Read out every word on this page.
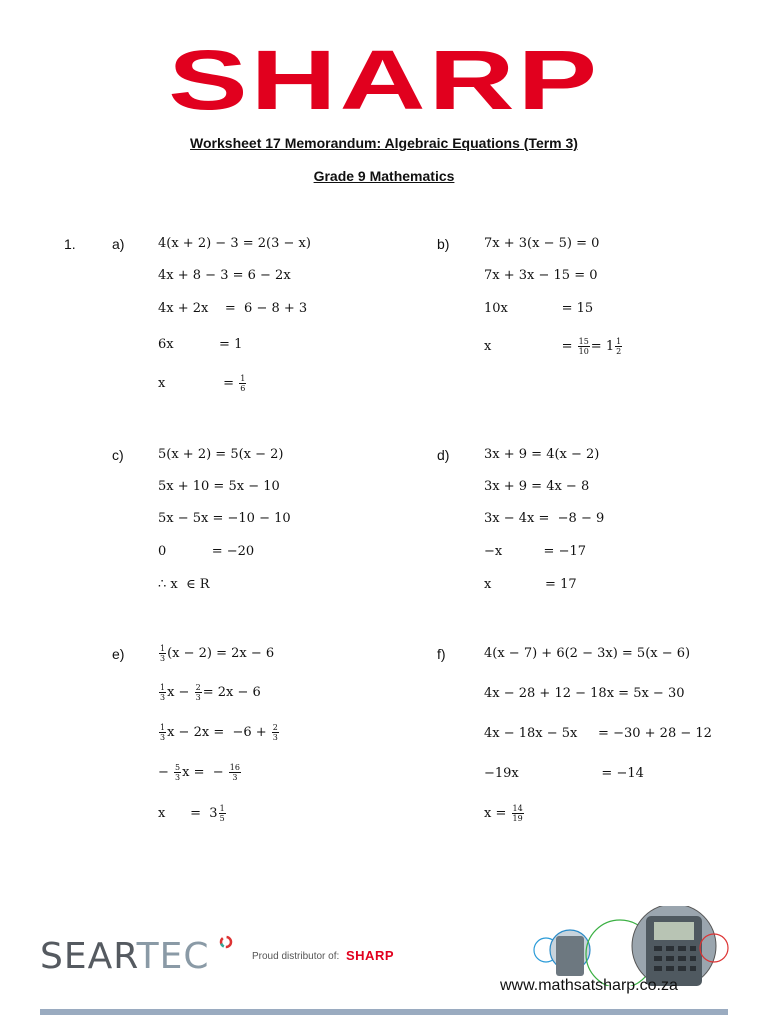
SHARP
Worksheet 17 Memorandum: Algebraic Equations (Term 3)
Grade 9 Mathematics
1.	a)	4(x + 2) − 3 = 2(3 − x)
4x + 8 − 3 = 6 − 2x
4x + 2x    =  6 − 8 + 3
6x           = 1
x              = $\frac{1}{6}$
b)	7x + 3(x − 5) = 0
7x + 3x − 15 = 0
10x             = 15
x                 = $\frac{15}{10} = 1 \frac{1}{2}$
c)	5(x + 2) = 5(x − 2)
5x + 10 = 5x − 10
5x − 5x = −10 − 10
0           = −20
∴ x  ∈ R
d)	3x + 9 = 4(x − 2)
3x + 9 = 4x − 8
3x − 4x =  −8 − 9
−x          = −17
x             = 17
e)	$\frac{1}{3} (x - 2) = 2x - 6$
$\frac{1}{3}$ $x - \frac{2}{3} = 2x - 6$
$\frac{1}{3}$ $x - 2x = -6 + \frac{2}{3}$
− $\frac{5}{3}$ x =  − $\frac{16}{3}$
x      =  $3 \frac{1}{5}$
f)	4(x − 7) + 6(2 − 3x) = 5(x − 6)
4x − 28 + 12 − 18x = 5x − 30
4x − 18x − 5x     = −30 + 28 − 12
−19x                    = −14
$x = \frac{14}{19}$
SEARTEC	Proud distributor of: SHARP
www.mathsatsharp.co.za
